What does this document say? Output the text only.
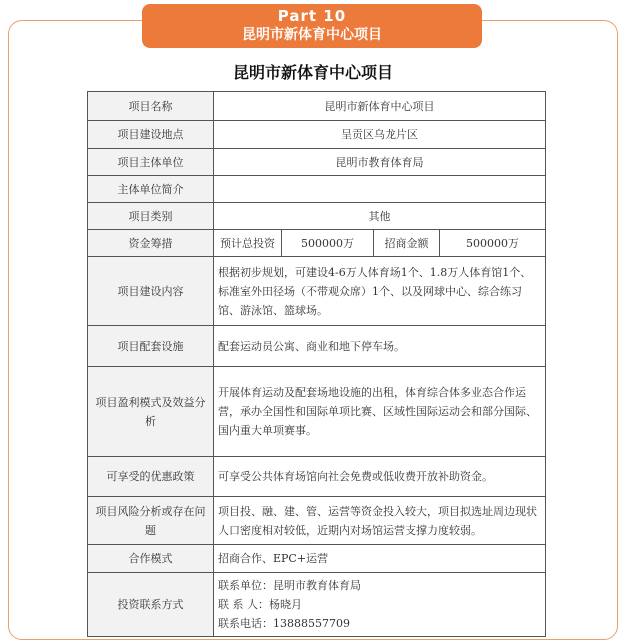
Part 10
昆明市新体育中心项目
昆明市新体育中心项目
项目名称	昆明市新体育中心项目			
项目建设地点	呈贡区乌龙片区			
项目主体单位	昆明市教育体育局			
主体单位简介				
项目类别	其他			
资金筹措	预计总投资	500000万	招商金额	500000万
项目建设内容	根据初步规划，可建设4-6万人体育场1个、1.8万人体育馆1个、标准室外田径场（不带观众席）1个、以及网球中心、综合练习馆、游泳馆、篮球场。			
项目配套设施	配套运动员公寓、商业和地下停车场。			
项目盈利模式及效益分析	开展体育运动及配套场地设施的出租，体育综合体多业态合作运营，承办全国性和国际单项比赛、区域性国际运动会和部分国际、国内重大单项赛事。			
可享受的优惠政策	可享受公共体育场馆向社会免费或低收费开放补助资金。			
项目风险分析或存在问题	项目投、融、建、管、运营等资金投入较大，项目拟选址周边现状人口密度相对较低，近期内对场馆运营支撑力度较弱。			
合作模式	招商合作、EPC+运营			
投资联系方式	联系单位：昆明市教育体育局
联 系 人：杨晓月
联系电话：13888557709			
